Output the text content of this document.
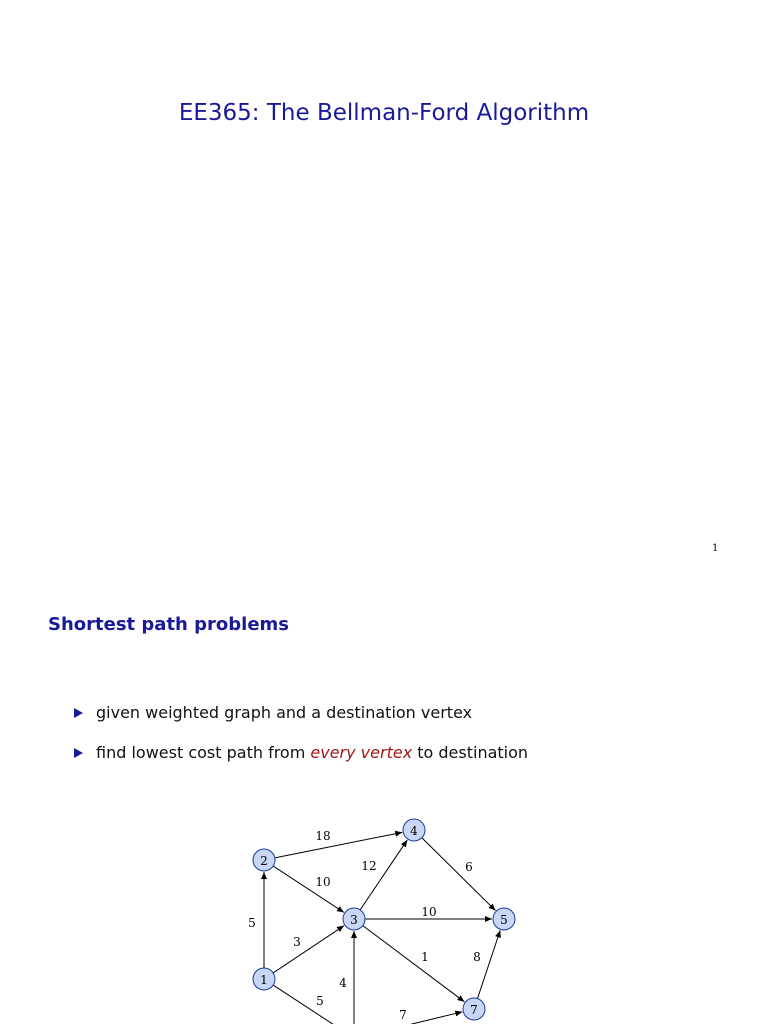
EE365: The Bellman-Ford Algorithm
1
Shortest path problems
given weighted graph and a destination vertex
find lowest cost path from every vertex to destination
5
18
10
3
12	6
10
1	8
4
5
7
1
2
3
4
5
7
